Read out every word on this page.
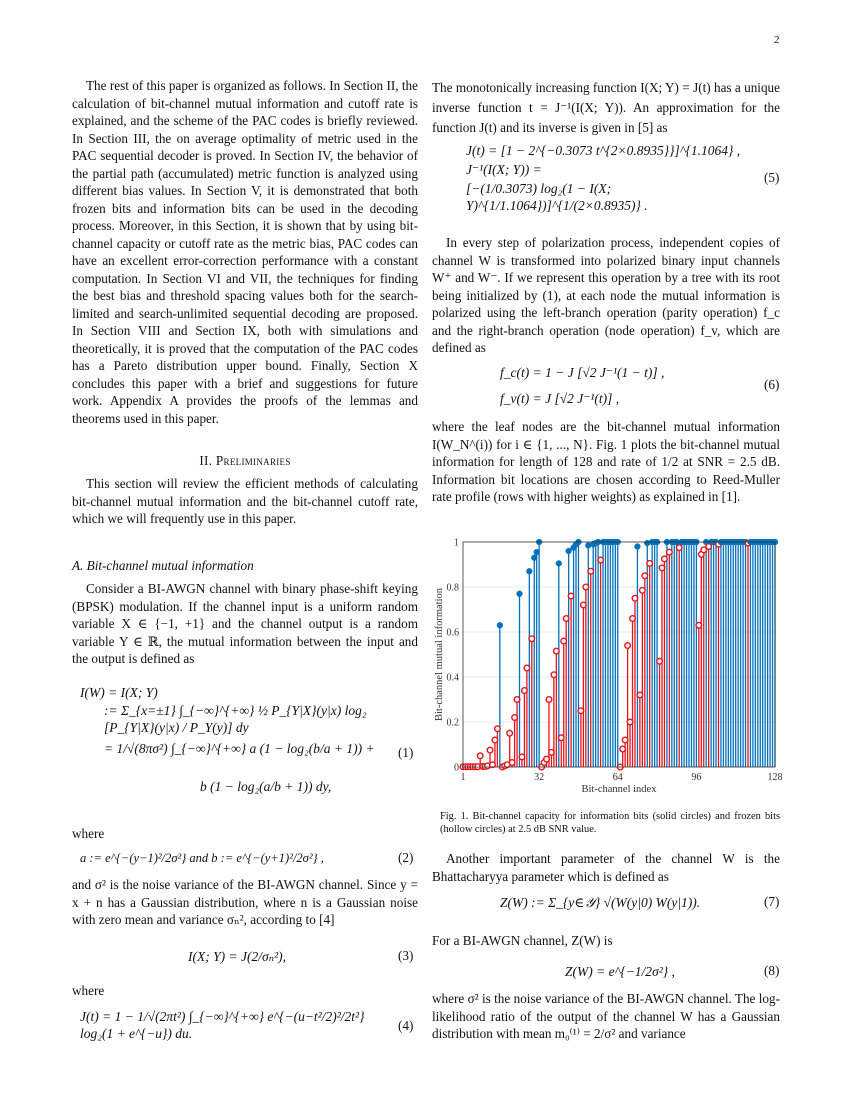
2
The rest of this paper is organized as follows. In Section II, the calculation of bit-channel mutual information and cutoff rate is explained, and the scheme of the PAC codes is briefly reviewed. In Section III, the on average optimality of metric used in the PAC sequential decoder is proved. In Section IV, the behavior of the partial path (accumulated) metric function is analyzed using different bias values. In Section V, it is demonstrated that both frozen bits and information bits can be used in the decoding process. Moreover, in this Section, it is shown that by using bit-channel capacity or cutoff rate as the metric bias, PAC codes can have an excellent error-correction performance with a constant computation. In Section VI and VII, the techniques for finding the best bias and threshold spacing values both for the search-limited and search-unlimited sequential decoding are proposed. In Section VIII and Section IX, both with simulations and theoretically, it is proved that the computation of the PAC codes has a Pareto distribution upper bound. Finally, Section X concludes this paper with a brief and suggestions for future work. Appendix A provides the proofs of the lemmas and theorems used in this paper.
II. Preliminaries
This section will review the efficient methods of calculating bit-channel mutual information and the bit-channel cutoff rate, which we will frequently use in this paper.
A. Bit-channel mutual information
Consider a BI-AWGN channel with binary phase-shift keying (BPSK) modulation. If the channel input is a uniform random variable X ∈ {−1, +1} and the channel output is a random variable Y ∈ ℝ, the mutual information between the input and the output is defined as
I(W) = I(X; Y)
:= Σ_{x=±1} ∫_{−∞}^{+∞} ½ P_{Y|X}(y|x) log₂ [P_{Y|X}(y|x) / P_Y(y)] dy
= 1/√(8πσ²) ∫_{−∞}^{+∞} a (1 − log₂(b/a + 1)) +
b (1 − log₂(a/b + 1)) dy,
(1)
where
a := e^{−(y−1)²/2σ²} and b := e^{−(y+1)²/2σ²} ,	(2)
and σ² is the noise variance of the BI-AWGN channel. Since y = x + n has a Gaussian distribution, where n is a Gaussian noise with zero mean and variance σₙ², according to [4]
I(X; Y) = J(2/σₙ²),	(3)
where
J(t) = 1 − 1/√(2πt²) ∫_{−∞}^{+∞} e^{−(u−t²/2)²/2t²} log₂(1 + e^{−u}) du.
(4)
The monotonically increasing function I(X; Y) = J(t) has a unique inverse function t = J⁻¹(I(X; Y)). An approximation for the function J(t) and its inverse is given in [5] as
J(t) = [1 − 2^{−0.3073 t^{2×0.8935}}]^{1.1064} ,
J⁻¹(I(X; Y)) =
[−(1/0.3073) log₂(1 − I(X; Y)^{1/1.1064})]^{1/(2×0.8935)} .
(5)
In every step of polarization process, independent copies of channel W is transformed into polarized binary input channels W⁺ and W⁻. If we represent this operation by a tree with its root being initialized by (1), at each node the mutual information is polarized using the left-branch operation (parity operation) f_c and the right-branch operation (node operation) f_v, which are defined as
f_c(t) = 1 − J [√2 J⁻¹(1 − t)] ,
f_v(t) = J [√2 J⁻¹(t)] ,
(6)
where the leaf nodes are the bit-channel mutual information I(W_N^(i)) for i ∈ {1, ..., N}. Fig. 1 plots the bit-channel mutual information for length of 128 and rate of 1/2 at SNR = 2.5 dB. Information bit locations are chosen according to Reed-Muller rate profile (rows with higher weights) as explained in [1].
0
0.2
0.4
0.6
0.8
1
1	32	64	96	128
Bit-channel index
Bit-channel mutual information
Fig. 1. Bit-channel capacity for information bits (solid circles) and frozen bits (hollow circles) at 2.5 dB SNR value.
Another important parameter of the channel W is the Bhattacharyya parameter which is defined as
Z(W) := Σ_{y∈𝒴} √(W(y|0) W(y|1)).	(7)
For a BI-AWGN channel, Z(W) is
Z(W) = e^{−1/2σ²} ,	(8)
where σ² is the noise variance of the BI-AWGN channel. The log-likelihood ratio of the output of the channel W has a Gaussian distribution with mean m₀⁽¹⁾ = 2/σ² and variance
